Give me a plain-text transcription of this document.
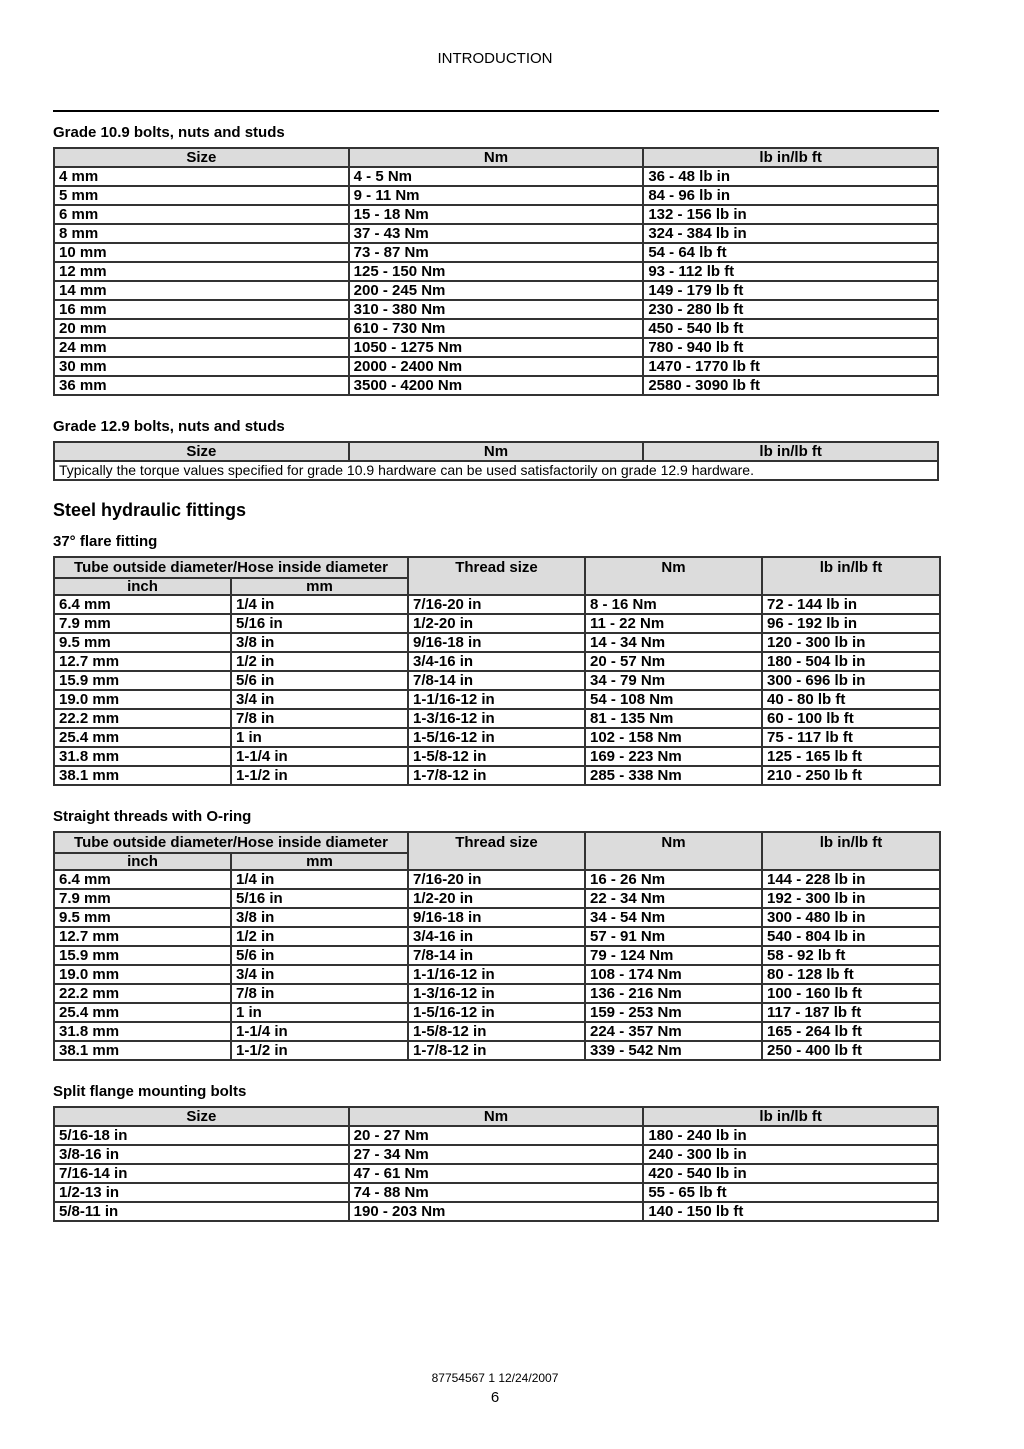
INTRODUCTION
Grade 10.9 bolts, nuts and studs
Size	Nm	lb in/lb ft
4 mm	4 - 5 Nm	36 - 48 lb in
5 mm	9 - 11 Nm	84 - 96 lb in
6 mm	15 - 18 Nm	132 - 156 lb in
8 mm	37 - 43 Nm	324 - 384 lb in
10 mm	73 - 87 Nm	54 - 64 lb ft
12 mm	125 - 150 Nm	93 - 112 lb ft
14 mm	200 - 245 Nm	149 - 179 lb ft
16 mm	310 - 380 Nm	230 - 280 lb ft
20 mm	610 - 730 Nm	450 - 540 lb ft
24 mm	1050 - 1275 Nm	780 - 940 lb ft
30 mm	2000 - 2400 Nm	1470 - 1770 lb ft
36 mm	3500 - 4200 Nm	2580 - 3090 lb ft
Grade 12.9 bolts, nuts and studs
Size	Nm	lb in/lb ft
Typically the torque values specified for grade 10.9 hardware can be used satisfactorily on grade 12.9 hardware.
Steel hydraulic fittings
37° flare fitting
Tube outside diameter/Hose inside diameter		Thread size	Nm	lb in/lb ft
inch	mm			
6.4 mm	1/4 in	7/16-20 in	8 - 16 Nm	72 - 144 lb in
7.9 mm	5/16 in	1/2-20 in	11 - 22 Nm	96 - 192 lb in
9.5 mm	3/8 in	9/16-18 in	14 - 34 Nm	120 - 300 lb in
12.7 mm	1/2 in	3/4-16 in	20 - 57 Nm	180 - 504 lb in
15.9 mm	5/6 in	7/8-14 in	34 - 79 Nm	300 - 696 lb in
19.0 mm	3/4 in	1-1/16-12 in	54 - 108 Nm	40 - 80 lb ft
22.2 mm	7/8 in	1-3/16-12 in	81 - 135 Nm	60 - 100 lb ft
25.4 mm	1 in	1-5/16-12 in	102 - 158 Nm	75 - 117 lb ft
31.8 mm	1-1/4 in	1-5/8-12 in	169 - 223 Nm	125 - 165 lb ft
38.1 mm	1-1/2 in	1-7/8-12 in	285 - 338 Nm	210 - 250 lb ft
Straight threads with O-ring
Tube outside diameter/Hose inside diameter		Thread size	Nm	lb in/lb ft
inch	mm			
6.4 mm	1/4 in	7/16-20 in	16 - 26 Nm	144 - 228 lb in
7.9 mm	5/16 in	1/2-20 in	22 - 34 Nm	192 - 300 lb in
9.5 mm	3/8 in	9/16-18 in	34 - 54 Nm	300 - 480 lb in
12.7 mm	1/2 in	3/4-16 in	57 - 91 Nm	540 - 804 lb in
15.9 mm	5/6 in	7/8-14 in	79 - 124 Nm	58 - 92 lb ft
19.0 mm	3/4 in	1-1/16-12 in	108 - 174 Nm	80 - 128 lb ft
22.2 mm	7/8 in	1-3/16-12 in	136 - 216 Nm	100 - 160 lb ft
25.4 mm	1 in	1-5/16-12 in	159 - 253 Nm	117 - 187 lb ft
31.8 mm	1-1/4 in	1-5/8-12 in	224 - 357 Nm	165 - 264 lb ft
38.1 mm	1-1/2 in	1-7/8-12 in	339 - 542 Nm	250 - 400 lb ft
Split flange mounting bolts
Size	Nm	lb in/lb ft
5/16-18 in	20 - 27 Nm	180 - 240 lb in
3/8-16 in	27 - 34 Nm	240 - 300 lb in
7/16-14 in	47 - 61 Nm	420 - 540 lb in
1/2-13 in	74 - 88 Nm	55 - 65 lb ft
5/8-11 in	190 - 203 Nm	140 - 150 lb ft
87754567 1 12/24/2007
6
